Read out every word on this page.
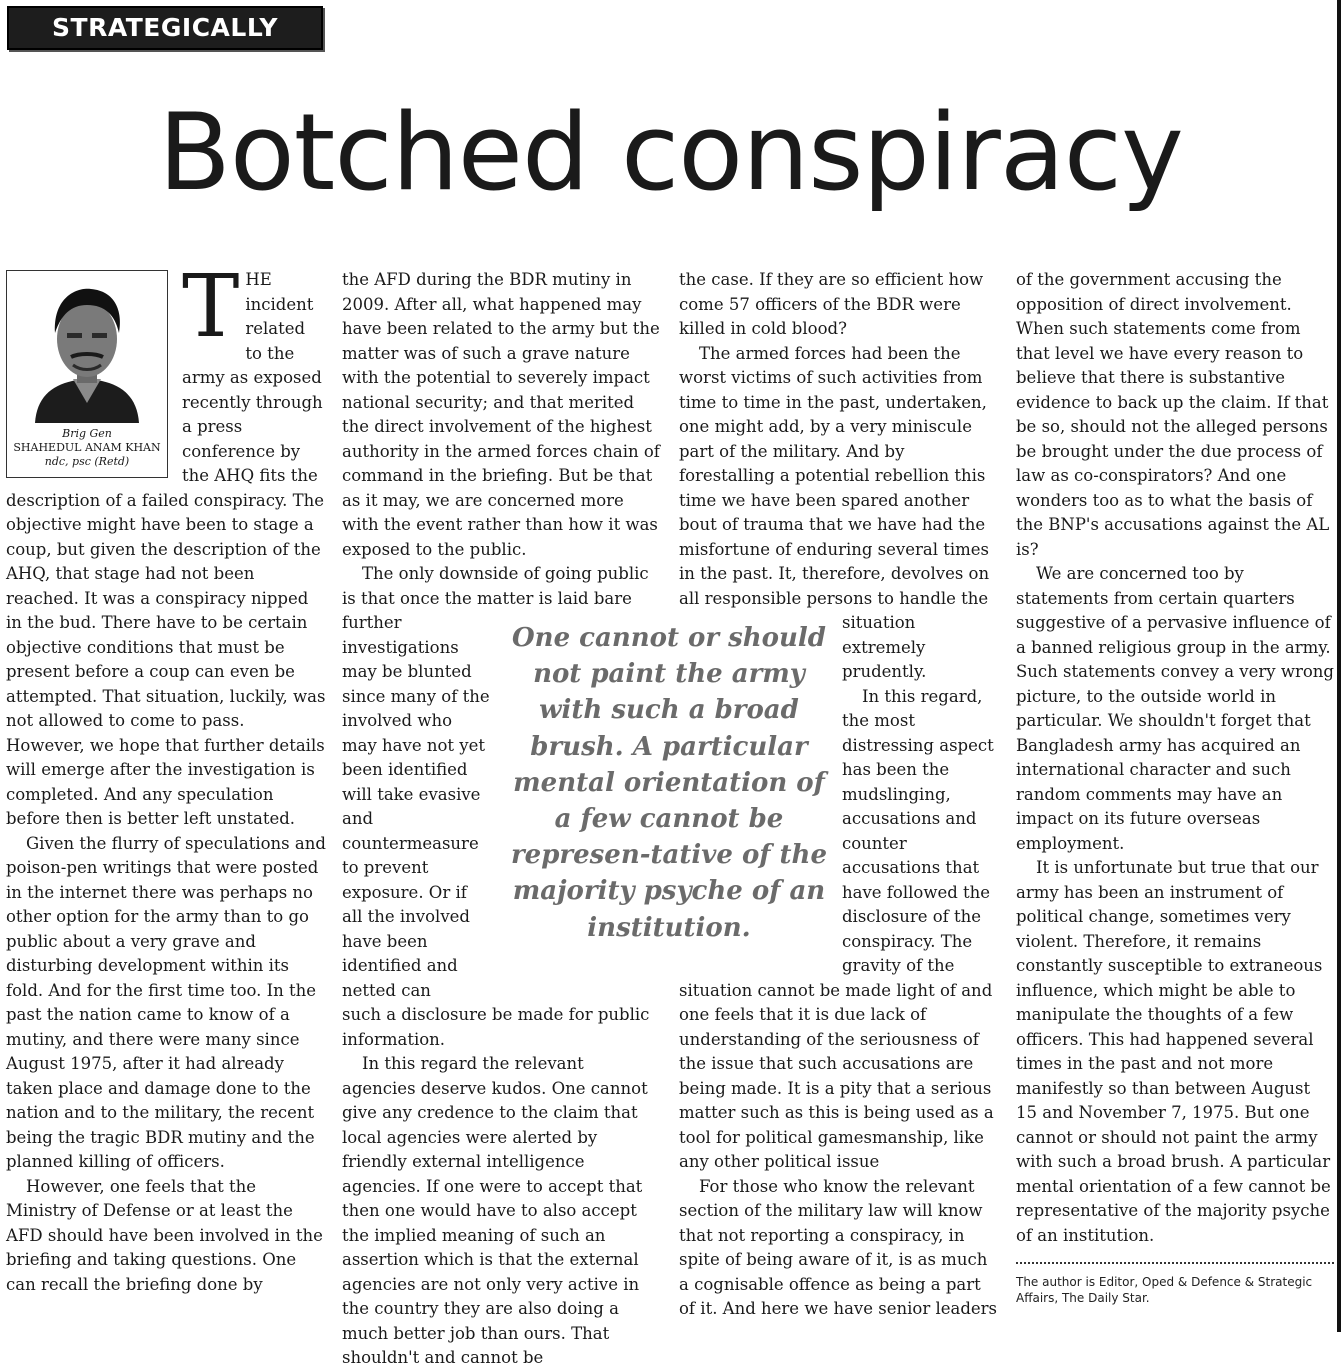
STRATEGICALLY SPEAKING
Botched conspiracy
Brig Gen
SHAHEDUL ANAM KHAN
ndc, psc (Retd)

THE incident related to the army as exposed recently through a press conference by the AHQ fits the description of a failed conspiracy. The objective might have been to stage a coup, but given the description of the AHQ, that stage had not been reached. It was a conspiracy nipped in the bud. There have to be certain objective conditions that must be present before a coup can even be attempted. That situation, luckily, was not allowed to come to pass. However, we hope that further details will emerge after the investigation is completed. And any speculation before then is better left unstated.

Given the flurry of speculations and poison-pen writings that were posted in the internet there was perhaps no other option for the army than to go public about a very grave and disturbing development within its fold. And for the first time too. In the past the nation came to know of a mutiny, and there were many since August 1975, after it had already taken place and damage done to the nation and to the military, the recent being the tragic BDR mutiny and the planned killing of officers.

However, one feels that the Ministry of Defense or at least the AFD should have been involved in the briefing and taking questions. One can recall the briefing done by

the AFD during the BDR mutiny in 2009. After all, what happened may have been related to the army but the matter was of such a grave nature with the potential to severely impact national security; and that merited the direct involvement of the highest authority in the armed forces chain of command in the briefing. But be that as it may, we are concerned more with the event rather than how it was exposed to the public.

The only downside of going public is that once the matter is laid bare

further investigations may be blunted since many of the involved who may have not yet been identified will take evasive and countermeasure to prevent exposure. Or if all the involved have been identified and netted can

such a disclosure be made for public information.

In this regard the relevant agencies deserve kudos. One cannot give any credence to the claim that local agencies were alerted by friendly external intelligence agencies. If one were to accept that then one would have to also accept the implied meaning of such an assertion which is that the external agencies are not only very active in the country they are also doing a much better job than ours. That shouldn't and cannot be

the case. If they are so efficient how come 57 officers of the BDR were killed in cold blood?

The armed forces had been the worst victims of such activities from time to time in the past, undertaken, one might add, by a very miniscule part of the military. And by forestalling a potential rebellion this time we have been spared another bout of trauma that we have had the misfortune of enduring several times in the past. It, therefore, devolves on all responsible persons to handle the

situation extremely prudently.

In this regard, the most distressing aspect has been the mudslinging, accusations and counter accusations that have followed the disclosure of the conspiracy. The gravity of the

situation cannot be made light of and one feels that it is due lack of understanding of the seriousness of the issue that such accusations are being made. It is a pity that a serious matter such as this is being used as a tool for political gamesmanship, like any other political issue

For those who know the relevant section of the military law will know that not reporting a conspiracy, in spite of being aware of it, is as much a cognisable offence as being a part of it. And here we have senior leaders

One cannot or should not paint the army with such a broad brush. A particular mental orientation of a few cannot be represen-tative of the majority psyche of an institution.

of the government accusing the opposition of direct involvement. When such statements come from that level we have every reason to believe that there is substantive evidence to back up the claim. If that be so, should not the alleged persons be brought under the due process of law as co-conspirators? And one wonders too as to what the basis of the BNP's accusations against the AL is?

We are concerned too by statements from certain quarters suggestive of a pervasive influence of a banned religious group in the army. Such statements convey a very wrong picture, to the outside world in particular. We shouldn't forget that Bangladesh army has acquired an international character and such random comments may have an impact on its future overseas employment.

It is unfortunate but true that our army has been an instrument of political change, sometimes very violent. Therefore, it remains constantly susceptible to extraneous influence, which might be able to manipulate the thoughts of a few officers. This had happened several times in the past and not more manifestly so than between August 15 and November 7, 1975. But one cannot or should not paint the army with such a broad brush. A particular mental orientation of a few cannot be representative of the majority psyche of an institution.

The author is Editor, Oped & Defence & Strategic Affairs, The Daily Star.
